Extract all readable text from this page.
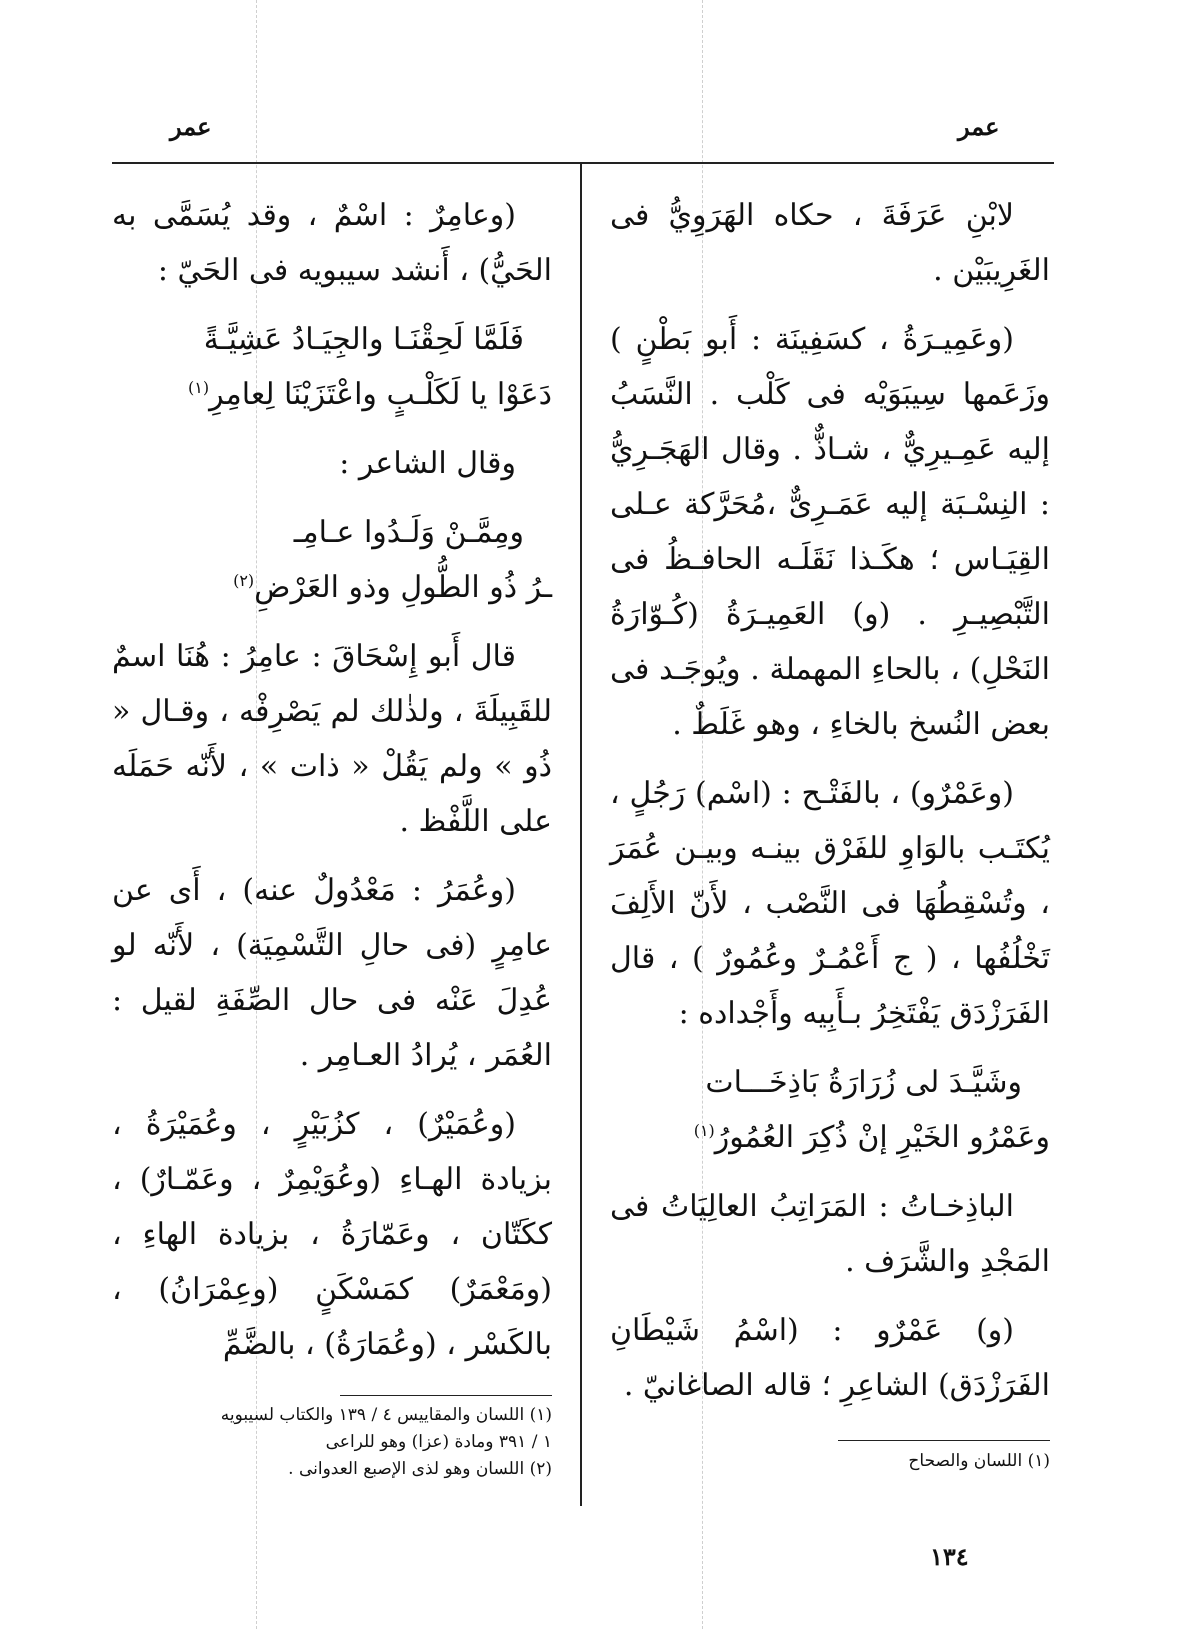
عمر
عمر

لابْنِ عَرَفَةَ ، حكاه الهَرَوِيُّ فى الغَرِيبَيْن .

(وعَمِيـرَةُ ، كسَفِينَة : أَبو بَطْنٍ ) وزَعَمها سِيبَوَيْه فى كَلْب . النَّسَبُ إليه عَمِـيرِيٌّ ، شـاذٌّ . وقال الهَجَـرِيُّ : النِسْـبَة إليه عَمَـرِىٌّ ،مُحَرَّكة عـلى القِيَـاس ؛ هكَـذا نَقَلَـه الحافـظُ فى التَّبْصِيـرِ . (و) العَمِيـرَةُ (كُـوّارَةُ النَحْلِ) ، بالحاءِ المهملة . ويُوجَـد فى بعض النُسخ بالخاءِ ، وهو غَلَطٌ .

(وعَمْرٌو) ، بالفَتْـح : (اسْم) رَجُلٍ ، يُكتَـب بالوَاوِ للفَرْق بينـه وبيـن عُمَرَ ، وتُسْقِطُهَا فى النَّصْب ، لأَنّ الأَلِفَ تَخْلُفُها ، ( ج أَعْمُـرٌ وعُمُورٌ ) ، قال الفَرَزْدَق يَفْتَخِرُ بـأَبِيه وأَجْداده :

وشَيَّـدَ لى زُرَارَةُ بَاذِخَـــات
وعَمْرُو الخَيْرِ إنْ ذُكِرَ العُمُورُ$^{(١)}$

الباذِخـاتُ : المَرَاتِبُ العالِيَاتُ فى المَجْدِ والشَّرَف .

(و) عَمْرٌو : (اسْمُ شَيْطَانِ الفَرَزْدَق) الشاعِرِ ؛ قاله الصاغانيّ .

(١) اللسان والصحاح

(وعامِرٌ : اسْمٌ ، وقد يُسَمَّى به الحَيُّ) ، أَنشد سيبويه فى الحَيّ :

فَلَمَّا لَحِقْنَـا والجِيَـادُ عَشِيَّـةً
دَعَوْا يا لَكَلْـبٍ واعْتَزَيْنَا لِعامِرِ$^{(١)}$

وقال الشاعر :

ومِمَّـنْ وَلَـدُوا عـامِـ
ـرُ ذُو الطُّولِ وذو العَرْضِ$^{(٢)}$

قال أَبو إِسْحَاقَ : عامِرُ : هُنَا اسمٌ للقَبِيلَةَ ، ولذٰلك لم يَصْرِفْه ، وقـال « ذُو » ولم يَقُلْ « ذات » ، لأَنّه حَمَلَه على اللَّفْظ .

(وعُمَرُ : مَعْدُولٌ عنه) ، أَى عن عامِرٍ (فى حالِ التَّسْمِيَة) ، لأَنّه لو عُدِلَ عَنْه فى حال الصِّفَةِ لقيل : العُمَر ، يُرادُ العـامِر .

(وعُمَيْرٌ) ، كزُبَيْرٍ ، وعُمَيْرَةُ ، بزيادة الهـاءِ (وعُوَيْمِرٌ ، وعَمّـارٌ) ، ككَتّان ، وعَمّارَةُ ، بزيادة الهاءِ ، (ومَعْمَرٌ) كمَسْكَنٍ (وعِمْرَانُ) ، بالكَسْر ، (وعُمَارَةُ) ، بالضَّمِّ

(١) اللسان والمقاييس ٤ / ١٣٩ والكتاب لسيبويه
١ / ٣٩١ ومادة (عزا) وهو للراعى
(٢) اللسان وهو لذى الإصبع العدوانى .
١٣٤
